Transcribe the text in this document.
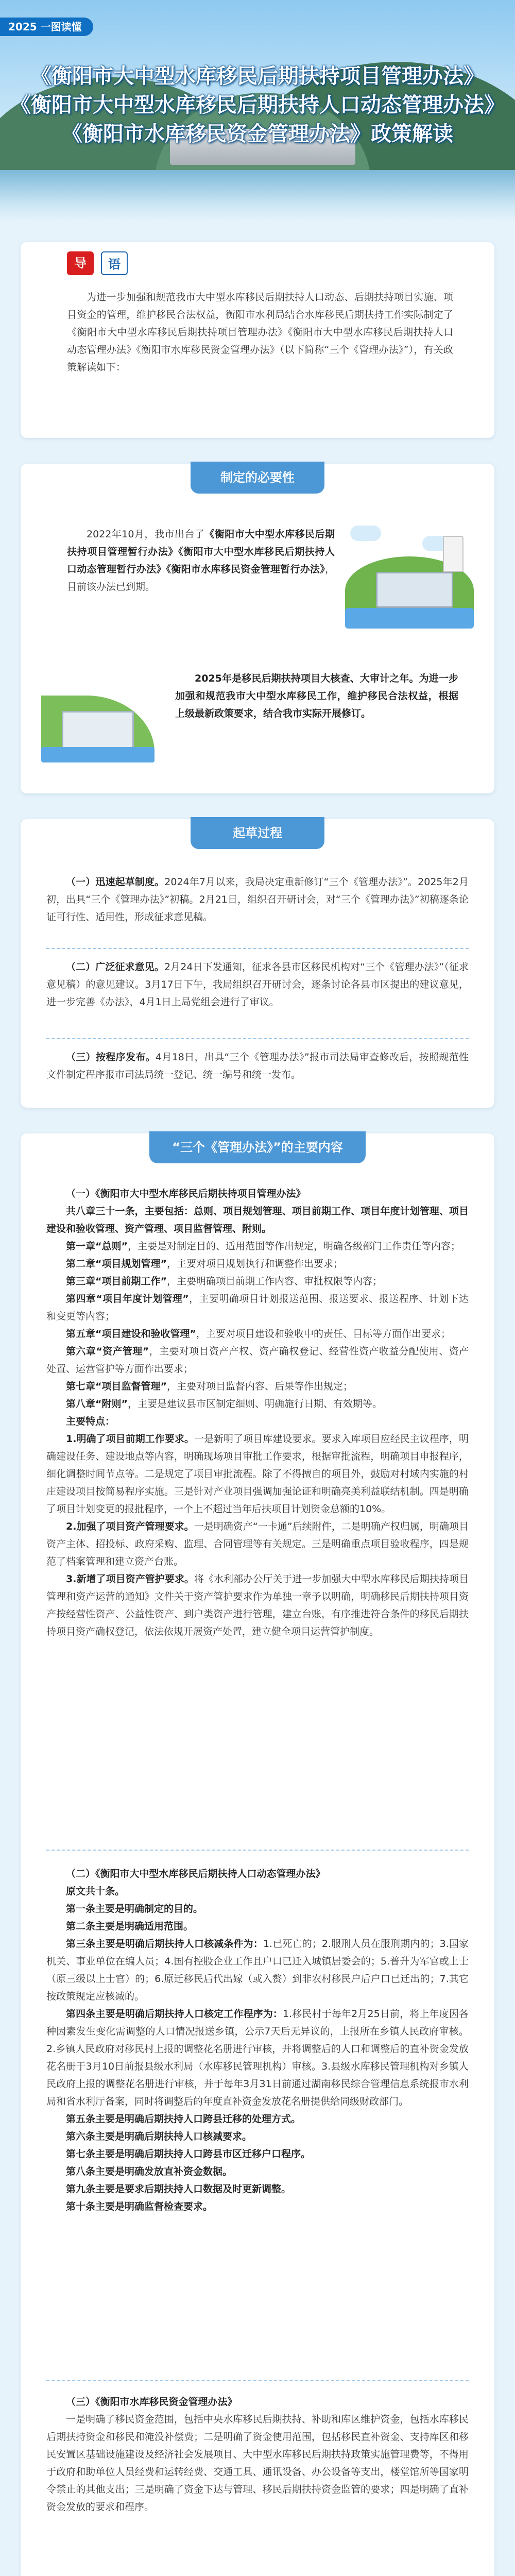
2025 一图读懂
《衡阳市大中型水库移民后期扶持项目管理办法》
《衡阳市大中型水库移民后期扶持人口动态管理办法》
《衡阳市水库移民资金管理办法》政策解读
导	语

为进一步加强和规范我市大中型水库移民后期扶持人口动态、后期扶持项目实施、项目资金的管理，维护移民合法权益，衡阳市水利局结合水库移民后期扶持工作实际制定了《衡阳市大中型水库移民后期扶持项目管理办法》《衡阳市大中型水库移民后期扶持人口动态管理办法》《衡阳市水库移民资金管理办法》（以下简称“三个《管理办法》”），有关政策解读如下：

制定的必要性

2022年10月，我市出台了《衡阳市大中型水库移民后期扶持项目管理暂行办法》《衡阳市大中型水库移民后期扶持人口动态管理暂行办法》《衡阳市水库移民资金管理暂行办法》，目前该办法已到期。

2025年是移民后期扶持项目大核查、大审计之年。为进一步加强和规范我市大中型水库移民工作，维护移民合法权益，根据上级最新政策要求，结合我市实际开展修订。

起草过程

（一）迅速起草制度。2024年7月以来，我局决定重新修订“三个《管理办法》”。2025年2月初，出具“三个《管理办法》”初稿。2月21日，组织召开研讨会，对“三个《管理办法》”初稿逐条论证可行性、适用性，形成征求意见稿。

（二）广泛征求意见。2月24日下发通知，征求各县市区移民机构对“三个《管理办法》”（征求意见稿）的意见建议。3月17日下午，我局组织召开研讨会，逐条讨论各县市区提出的建议意见，进一步完善《办法》，4月1日上局党组会进行了审议。

（三）按程序发布。4月18日，出具“三个《管理办法》”报市司法局审查修改后，按照规范性文件制定程序报市司法局统一登记、统一编号和统一发布。

“三个《管理办法》”的主要内容

（一）《衡阳市大中型水库移民后期扶持项目管理办法》

共八章三十一条，主要包括：总则、项目规划管理、项目前期工作、项目年度计划管理、项目建设和验收管理、资产管理、项目监督管理、附则。

第一章“总则”，主要是对制定目的、适用范围等作出规定，明确各级部门工作责任等内容；

第二章“项目规划管理”，主要对项目规划执行和调整作出要求；

第三章“项目前期工作”，主要明确项目前期工作内容、审批权限等内容；

第四章“项目年度计划管理”，主要明确项目计划报送范围、报送要求、报送程序、计划下达和变更等内容；

第五章“项目建设和验收管理”，主要对项目建设和验收中的责任、目标等方面作出要求；

第六章“资产管理”，主要对项目资产产权、资产确权登记、经营性资产收益分配使用、资产处置、运营管护等方面作出要求；

第七章“项目监督管理”，主要对项目监督内容、后果等作出规定；

第八章“附则”，主要是建议县市区制定细则、明确施行日期、有效期等。

主要特点：

1.明确了项目前期工作要求。一是新明了项目库建设要求。要求入库项目应经民主议程序，明确建设任务、建设地点等内容，明确现场项目审批工作要求，根据审批流程，明确项目申报程序，细化调整时间节点等。二是规定了项目审批流程。除了不得擅自的项目外，鼓励对村域内实施的村庄建设项目按简易程序实施。三是针对产业项目强调加强论证和明确亮美利益联结机制。四是明确了项目计划变更的报批程序，一个上不超过当年后扶项目计划资金总额的10%。

2.加强了项目资产管理要求。一是明确资产“一卡通”后续附件，二是明确产权归属，明确项目资产主体、招投标、政府采购、监理、合同管理等有关规定。三是明确重点项目验收程序，四是规范了档案管理和建立资产台账。

3.新增了项目资产管护要求。将《水利部办公厅关于进一步加强大中型水库移民后期扶持项目管理和资产运营的通知》文件关于资产管护要求作为单独一章予以明确，明确移民后期扶持项目资产按经营性资产、公益性资产、到户类资产进行管理，建立台账，有序推进符合条件的移民后期扶持项目资产确权登记，依法依规开展资产处置，建立健全项目运营管护制度。

（二）《衡阳市大中型水库移民后期扶持人口动态管理办法》

原文共十条。

第一条主要是明确制定的目的。

第二条主要是明确适用范围。

第三条主要是明确后期扶持人口核减条件为：1.已死亡的；2.服刑人员在服刑期内的；3.国家机关、事业单位在编人员；4.国有控股企业工作且户口已迁入城镇居委会的；5.普升为军官或上士（原三级以上士官）的；6.原迁移民后代出嫁（或入赘）到非农村移民户后户口已迁出的；7.其它按政策规定应核减的。

第四条主要是明确后期扶持人口核定工作程序为：1.移民村于每年2月25日前，将上年度因各种因素发生变化需调整的人口情况报送乡镇，公示7天后无异议的，上报所在乡镇人民政府审核。2.乡镇人民政府对移民村上报的调整花名册进行审核，并将调整后的人口和调整后的直补资金发放花名册于3月10日前报县级水利局（水库移民管理机构）审核。3.县级水库移民管理机构对乡镇人民政府上报的调整花名册进行审核，并于每年3月31日前通过湖南移民综合管理信息系统报市水利局和省水利厅备案，同时将调整后的年度直补资金发放花名册提供给同级财政部门。

第五条主要是明确后期扶持人口跨县迁移的处理方式。

第六条主要是明确后期扶持人口核减要求。

第七条主要是明确后期扶持人口跨县市区迁移户口程序。

第八条主要是明确发放直补资金数据。

第九条主要是要求后期扶持人口数据及时更新调整。

第十条主要是明确监督检查要求。

（三）《衡阳市水库移民资金管理办法》

一是明确了移民资金范围，包括中央水库移民后期扶持、补助和库区维护资金，包括水库移民后期扶持资金和移民和淹没补偿费；二是明确了资金使用范围，包括移民直补资金、支持库区和移民安置区基础设施建设及经济社会发展项目、大中型水库移民后期扶持政策实施管理费等，不得用于政府和助单位人员经费和运转经费、交通工具、通讯设备、办公设备等支出，楼堂馆所等国家明令禁止的其他支出；三是明确了资金下达与管理、移民后期扶持资金监管的要求；四是明确了直补资金发放的要求和程序。
